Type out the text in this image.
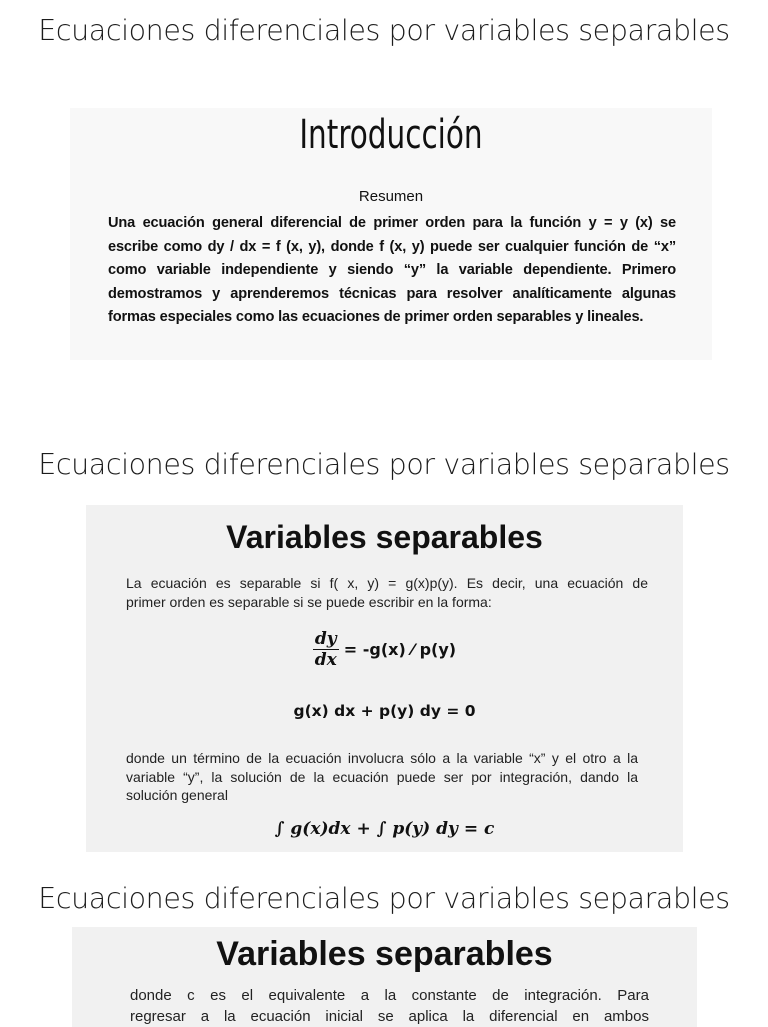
Ecuaciones diferenciales por variables separables
Introducción
Resumen
Una ecuación general diferencial de primer orden para la función y = y (x) se
escribe como dy / dx = f (x, y), donde f (x, y) puede ser cualquier función de “x”
como variable independiente y siendo “y” la variable dependiente. Primero
demostramos y aprenderemos técnicas para resolver analíticamente algunas
formas especiales como las ecuaciones de primer orden separables y lineales.
Ecuaciones diferenciales por variables separables
Variables separables
La ecuación es separable si f( x, y) = g(x)p(y). Es decir, una ecuación de
primer orden es separable si se puede escribir en la forma:
$\frac{dy}{dx} = -g(x)$ ⁄ p(y)
g(x) dx + p(y) dy = 0
donde un término de la ecuación involucra sólo a la variable “x” y el otro a la
variable “y”, la solución de la ecuación puede ser por integración, dando la
solución general
∫ g(x)dx + ∫ p(y) dy = c
Ecuaciones diferenciales por variables separables
Variables separables
donde c es el equivalente a la constante de integración. Para
regresar a la ecuación inicial se aplica la diferencial en ambos
